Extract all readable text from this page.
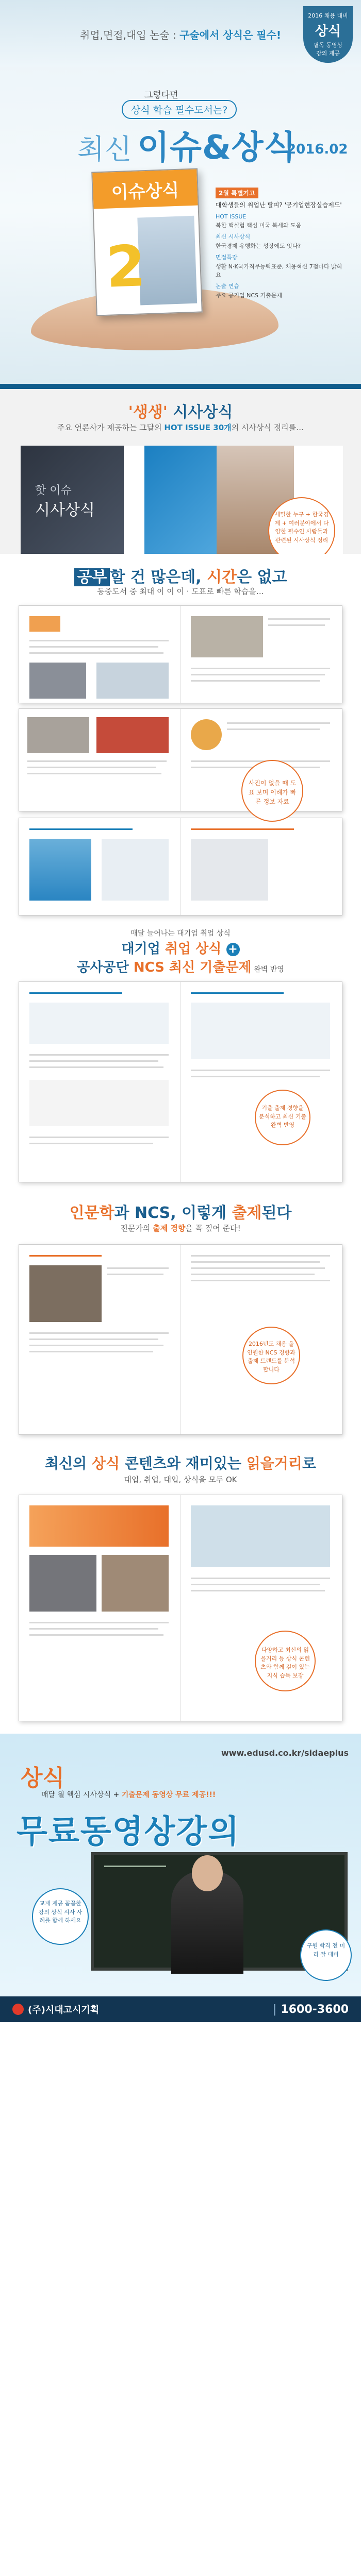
2016 채용 대비
상식
필독 동영상
강의 제공
취업,면접,대입 논술 : 구술에서 상식은 필수!
그렇다면
상식 학습 필수도서는?
최신 이슈&상식
2016.02
이슈상식
2
2월 특별기고
대학생들의 취업난 탈피? '공기업현장실습제도'
HOT ISSUE
북한 핵실험 핵심 미국 북세와 도움
최신 시사상식
한국경제 유행화는 성장에도 잇다?
면접특강
생활 N·K국가직무능력표준, 채용혁신 7점마다 밝혀요
논술 연습
주요 공기업 NCS 기출문제
'생생' 시사상식
주요 언론사가 제공하는 그달의 HOT ISSUE 30개의 시사상식 정리를…
핫 이슈
시사상식	세밀한 누구 + 한국경제 + 여러분야에서 다양한 필수인 사람들과 관련된 시사상식 정리
공부 할 건 많은데, 시간은 없고
동중도서 중 최대 이 이 이 · 도표로 빠른 학습을…
사진이 없을 때 도표 보며 이해가 빠른 정보 자료
매달 늘어나는 대기업 취업 상식
대기업 취업 상식 +
공사공단 NCS 최신 기출문제 완벽 반영
기출 출제 경향을 분석하고 최신 기출 완벽 반영
인문학과 NCS, 이렇게 출제된다
전문가의 출제 경향을 꼭 짚어 준다!
2016년도 채용 올인원한 NCS 경향과 출제 트렌드를 분석합니다
최신의 상식 콘텐츠와 재미있는 읽을거리로
대입, 취업, 대입, 상식을 모두 OK
다양하고 최신의 읽을거리 등 상식 콘텐츠와 함께 깊이 있는 지식 습득 보장
www.edusd.co.kr/sidaeplus
상식
매달 월 핵심 시사상식 + 기출문제 동영상 무료 제공!!!
무료동영상강의
교재 제공 꼼꼼한 강의 상식 시사 사례를 함께 하세요
구원 학격 전 미리 잘 대비
(주)시대고시기획	| 1600-3600
